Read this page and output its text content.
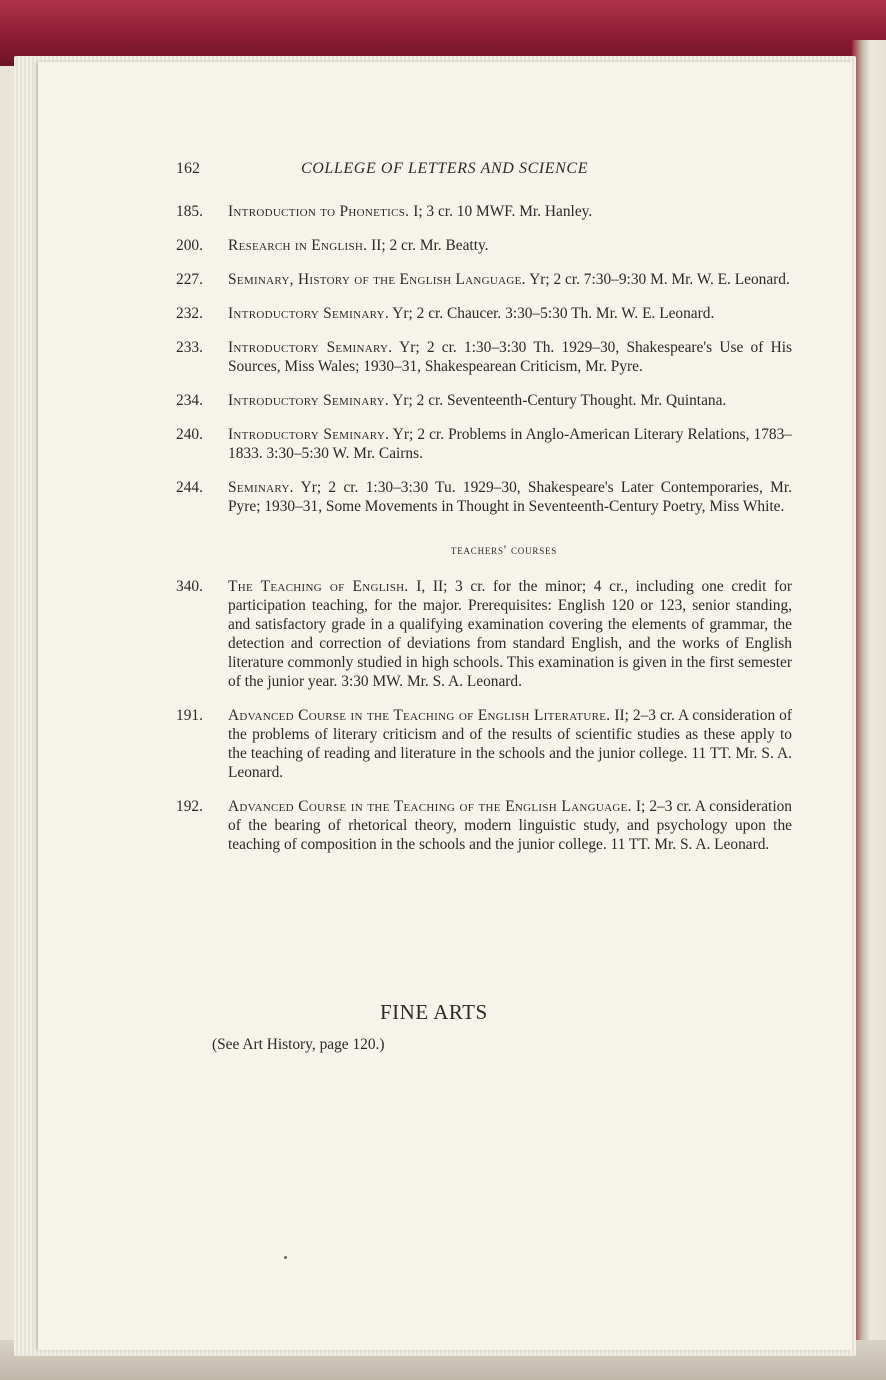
162	COLLEGE OF LETTERS AND SCIENCE
185. Introduction to Phonetics. I; 3 cr. 10 MWF. Mr. Hanley.
200. Research in English. II; 2 cr. Mr. Beatty.
227. Seminary, History of the English Language. Yr; 2 cr. 7:30–9:30 M. Mr. W. E. Leonard.
232. Introductory Seminary. Yr; 2 cr. Chaucer. 3:30–5:30 Th. Mr. W. E. Leonard.
233. Introductory Seminary. Yr; 2 cr. 1:30–3:30 Th. 1929–30, Shakespeare's Use of His Sources, Miss Wales; 1930–31, Shakespearean Criticism, Mr. Pyre.
234. Introductory Seminary. Yr; 2 cr. Seventeenth-Century Thought. Mr. Quintana.
240. Introductory Seminary. Yr; 2 cr. Problems in Anglo-American Literary Relations, 1783–1833. 3:30–5:30 W. Mr. Cairns.
244. Seminary. Yr; 2 cr. 1:30–3:30 Tu. 1929–30, Shakespeare's Later Contemporaries, Mr. Pyre; 1930–31, Some Movements in Thought in Seventeenth-Century Poetry, Miss White.
teachers' courses
340. The Teaching of English. I, II; 3 cr. for the minor; 4 cr., including one credit for participation teaching, for the major. Prerequisites: English 120 or 123, senior standing, and satisfactory grade in a qualifying examination covering the elements of grammar, the detection and correction of deviations from standard English, and the works of English literature commonly studied in high schools. This examination is given in the first semester of the junior year. 3:30 MW. Mr. S. A. Leonard.
191. Advanced Course in the Teaching of English Literature. II; 2–3 cr. A consideration of the problems of literary criticism and of the results of scientific studies as these apply to the teaching of reading and literature in the schools and the junior college. 11 TT. Mr. S. A. Leonard.
192. Advanced Course in the Teaching of the English Language. I; 2–3 cr. A consideration of the bearing of rhetorical theory, modern linguistic study, and psychology upon the teaching of composition in the schools and the junior college. 11 TT. Mr. S. A. Leonard.
FINE ARTS
(See Art History, page 120.)
